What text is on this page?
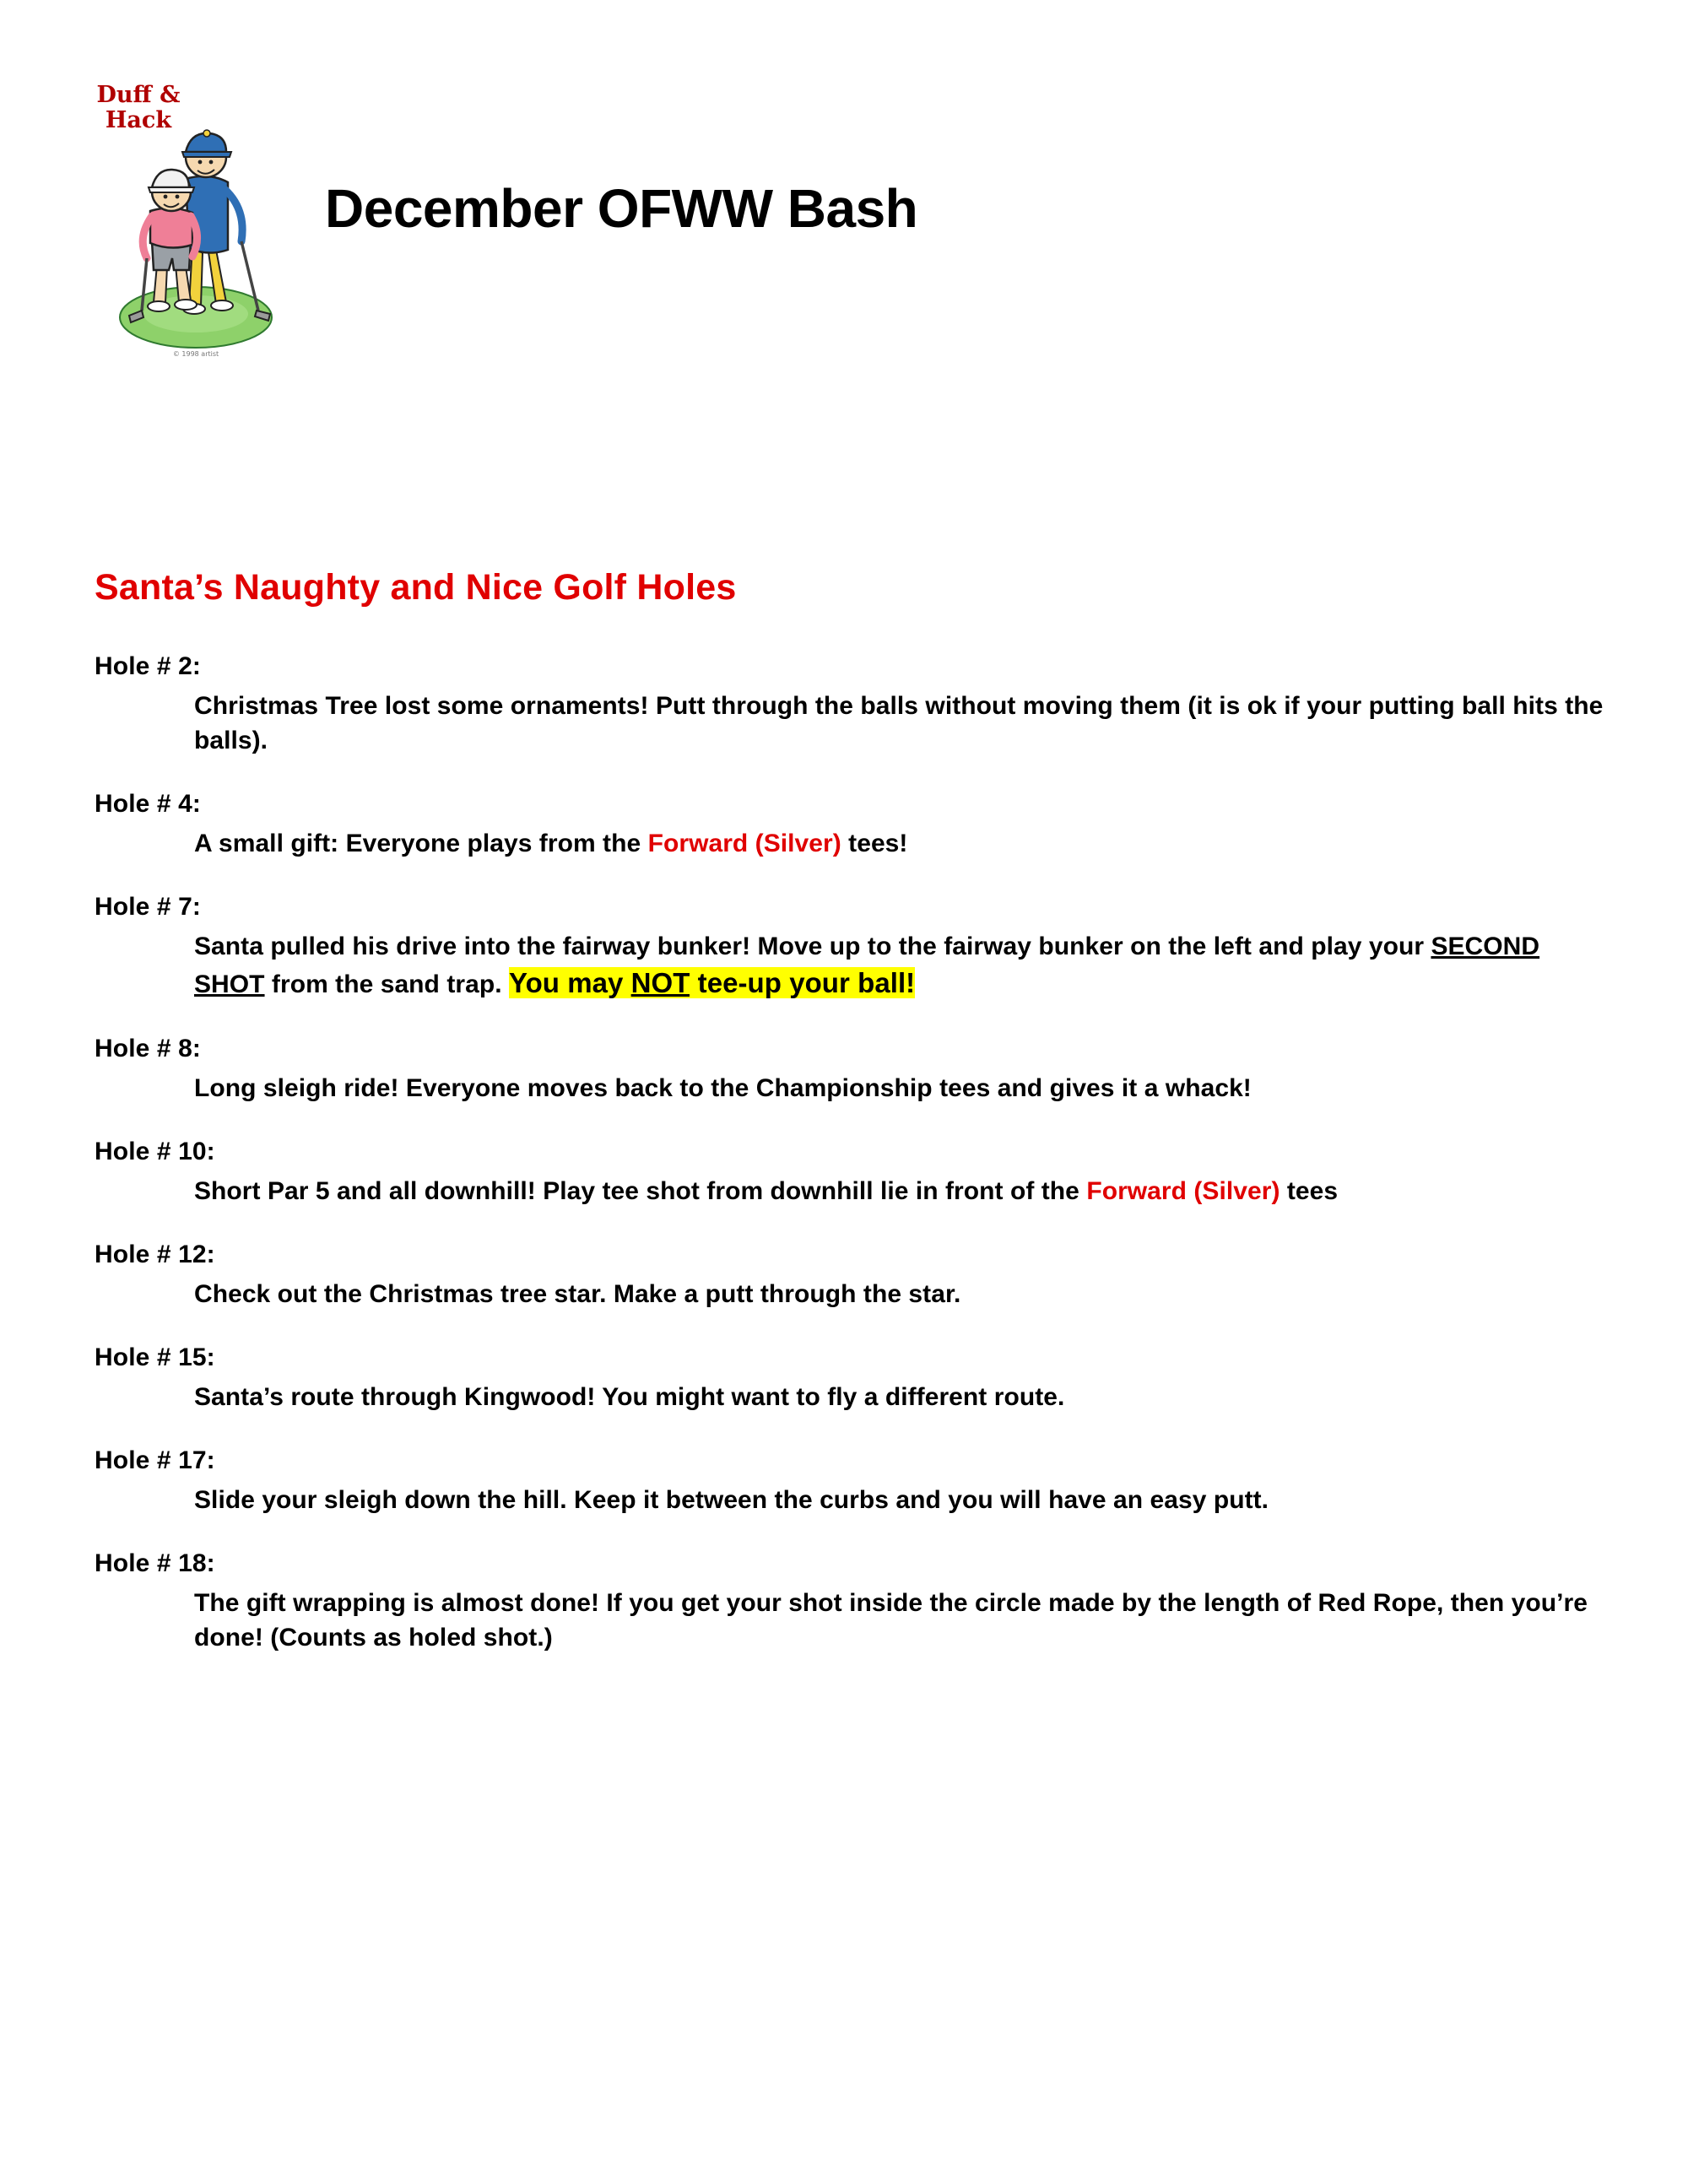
Duff &
Hack
© 1998 artist
December OFWW Bash
Santa’s Naughty and Nice Golf Holes
Hole # 2:
Christmas Tree lost some ornaments! Putt through the balls without moving them (it is ok if your putting ball hits the balls).
Hole # 4:
A small gift: Everyone plays from the Forward (Silver) tees!
Hole # 7:
Santa pulled his drive into the fairway bunker! Move up to the fairway bunker on the left and play your SECOND SHOT from the sand trap. You may NOT tee-up your ball!
Hole # 8:
Long sleigh ride! Everyone moves back to the Championship tees and gives it a whack!
Hole # 10:
Short Par 5 and all downhill! Play tee shot from downhill lie in front of the Forward (Silver) tees
Hole # 12:
Check out the Christmas tree star. Make a putt through the star.
Hole # 15:
Santa’s route through Kingwood! You might want to fly a different route.
Hole # 17:
Slide your sleigh down the hill. Keep it between the curbs and you will have an easy putt.
Hole # 18:
The gift wrapping is almost done! If you get your shot inside the circle made by the length of Red Rope, then you’re done! (Counts as holed shot.)
